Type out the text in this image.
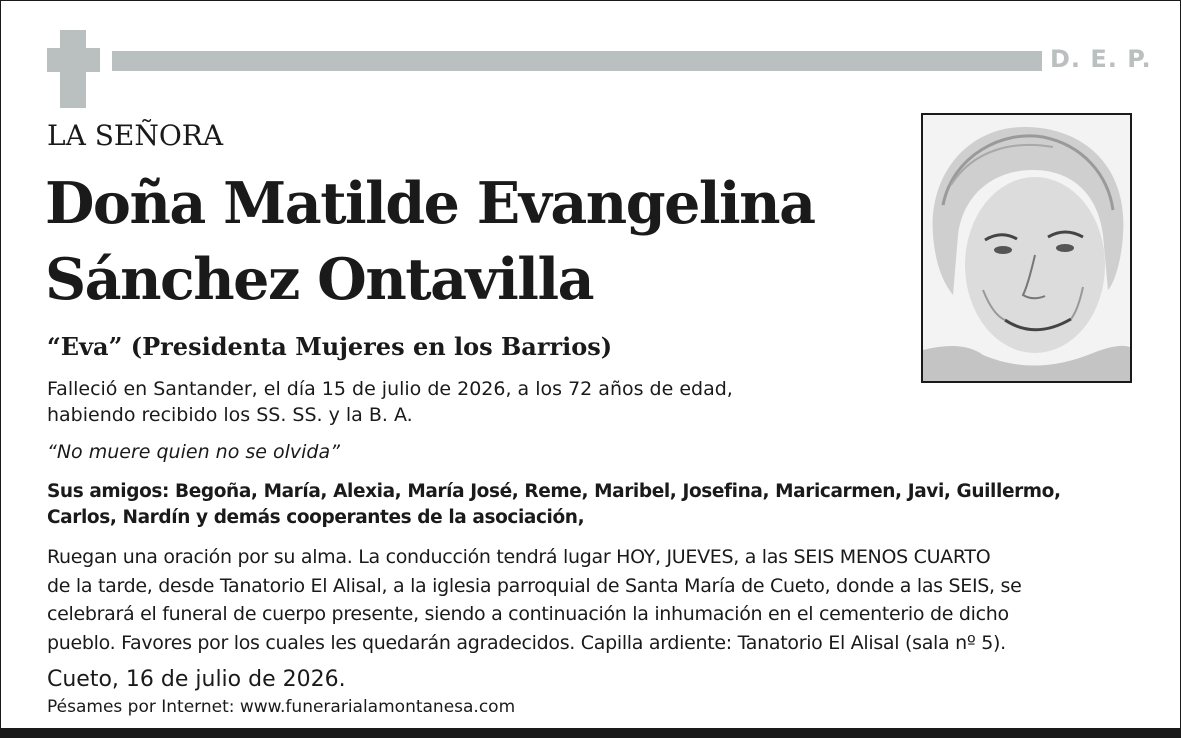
D. E. P.
LA SEÑORA
Doña Matilde Evangelina
Sánchez Ontavilla
“Eva” (Presidenta Mujeres en los Barrios)
Falleció en Santander, el día 15 de julio de 2026, a los 72 años de edad,
habiendo recibido los SS. SS. y la B. A.
“No muere quien no se olvida”
Sus amigos: Begoña, María, Alexia, María José, Reme, Maribel, Josefina, Maricarmen, Javi, Guillermo,
Carlos, Nardín y demás cooperantes de la asociación,
Ruegan una oración por su alma. La conducción tendrá lugar HOY, JUEVES, a las SEIS MENOS CUARTO
de la tarde, desde Tanatorio El Alisal, a la iglesia parroquial de Santa María de Cueto, donde a las SEIS, se
celebrará el funeral de cuerpo presente, siendo a continuación la inhumación en el cementerio de dicho
pueblo. Favores por los cuales les quedarán agradecidos. Capilla ardiente: Tanatorio El Alisal (sala nº 5).
Cueto, 16 de julio de 2026.
Pésames por Internet: www.funerarialamontanesa.com
